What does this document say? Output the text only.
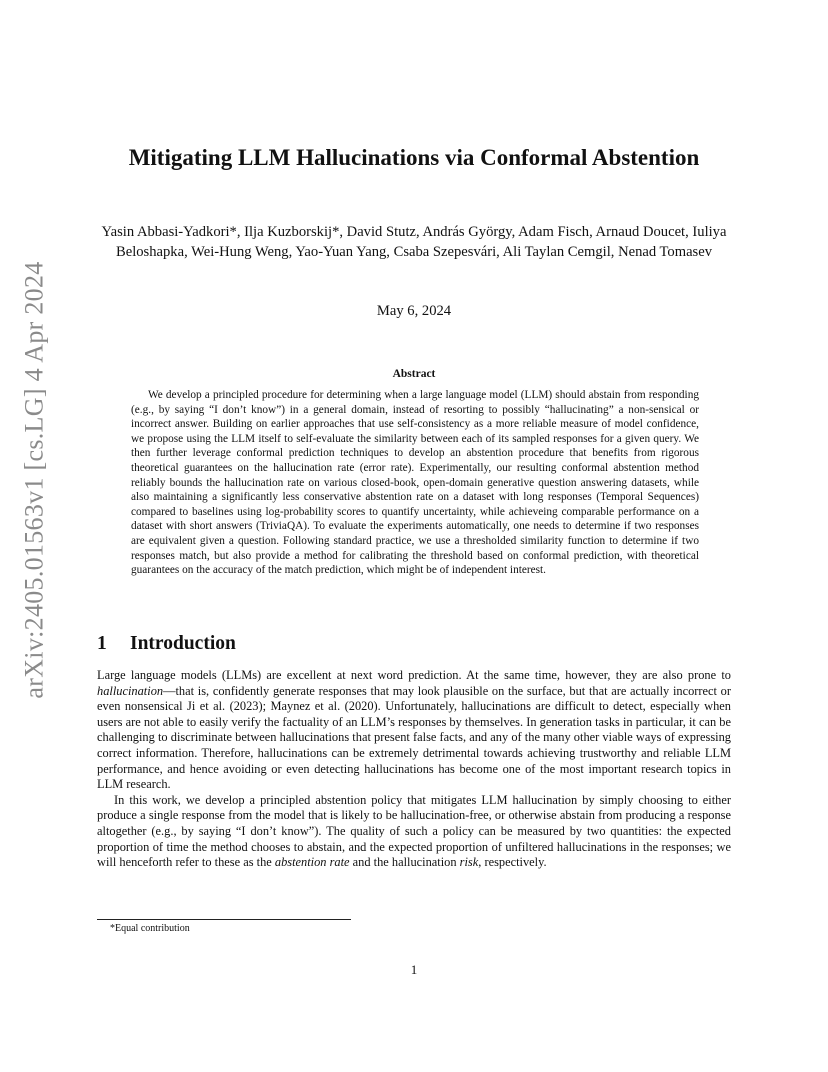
arXiv:2405.01563v1 [cs.LG] 4 Apr 2024
Mitigating LLM Hallucinations via Conformal Abstention
Yasin Abbasi-Yadkori*, Ilja Kuzborskij*, David Stutz, András György, Adam Fisch, Arnaud Doucet, Iuliya Beloshapka, Wei-Hung Weng, Yao-Yuan Yang, Csaba Szepesvári, Ali Taylan Cemgil, Nenad Tomasev
May 6, 2024
Abstract
We develop a principled procedure for determining when a large language model (LLM) should abstain from responding (e.g., by saying “I don’t know”) in a general domain, instead of resorting to possibly “hallucinating” a non-sensical or incorrect answer. Building on earlier approaches that use self-consistency as a more reliable measure of model confidence, we propose using the LLM itself to self-evaluate the similarity between each of its sampled responses for a given query. We then further leverage conformal prediction techniques to develop an abstention procedure that benefits from rigorous theoretical guarantees on the hallucination rate (error rate). Experimentally, our resulting conformal abstention method reliably bounds the hallucination rate on various closed-book, open-domain generative question answering datasets, while also maintaining a significantly less conservative abstention rate on a dataset with long responses (Temporal Sequences) compared to baselines using log-probability scores to quantify uncertainty, while achieveing comparable performance on a dataset with short answers (TriviaQA). To evaluate the experiments automatically, one needs to determine if two responses are equivalent given a question. Following standard practice, we use a thresholded similarity function to determine if two responses match, but also provide a method for calibrating the threshold based on conformal prediction, with theoretical guarantees on the accuracy of the match prediction, which might be of independent interest.
1 Introduction

Large language models (LLMs) are excellent at next word prediction. At the same time, however, they are also prone to hallucination—that is, confidently generate responses that may look plausible on the surface, but that are actually incorrect or even nonsensical Ji et al. (2023); Maynez et al. (2020). Unfortunately, hallucinations are difficult to detect, especially when users are not able to easily verify the factuality of an LLM’s responses by themselves. In generation tasks in particular, it can be challenging to discriminate between hallucinations that present false facts, and any of the many other viable ways of expressing correct information. Therefore, hallucinations can be extremely detrimental towards achieving trustworthy and reliable LLM performance, and hence avoiding or even detecting hallucinations has become one of the most important research topics in LLM research.

In this work, we develop a principled abstention policy that mitigates LLM hallucination by simply choosing to either produce a single response from the model that is likely to be hallucination-free, or otherwise abstain from producing a response altogether (e.g., by saying “I don’t know”). The quality of such a policy can be measured by two quantities: the expected proportion of time the method chooses to abstain, and the expected proportion of unfiltered hallucinations in the responses; we will henceforth refer to these as the abstention rate and the hallucination risk, respectively.

*Equal contribution
1
